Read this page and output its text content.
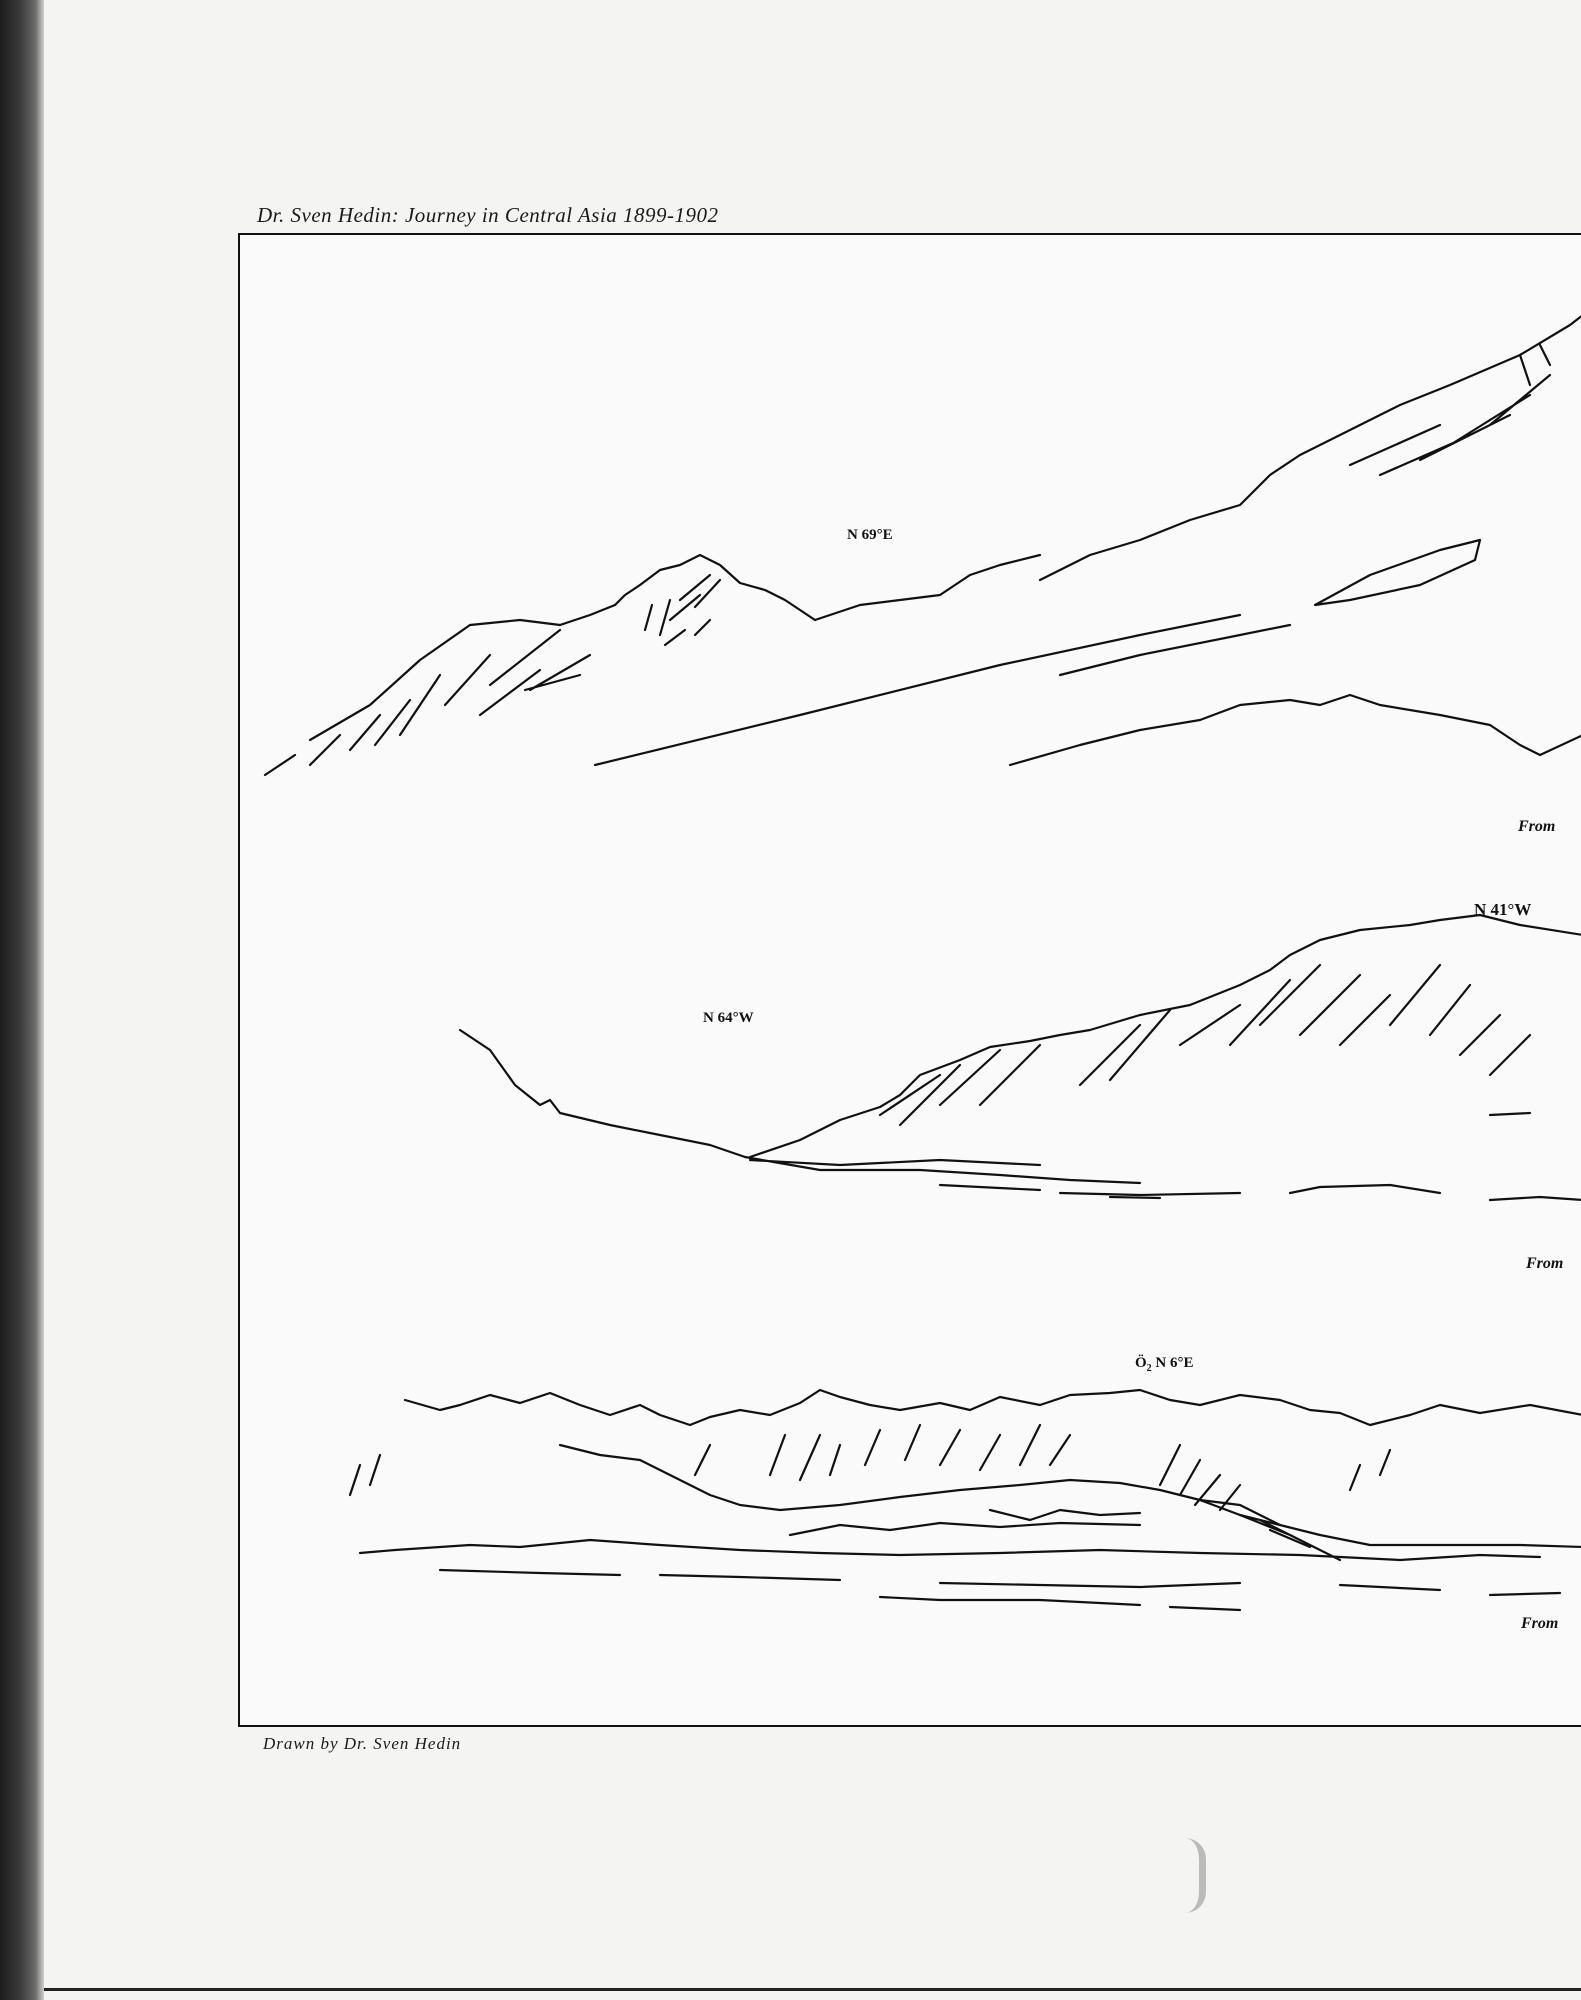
Dr. Sven Hedin: Journey in Central Asia 1899-1902
N 69°E
From
N 64°W
N 41°W
From
$Ö_2$ N 6°E
From
Drawn by Dr. Sven Hedin
